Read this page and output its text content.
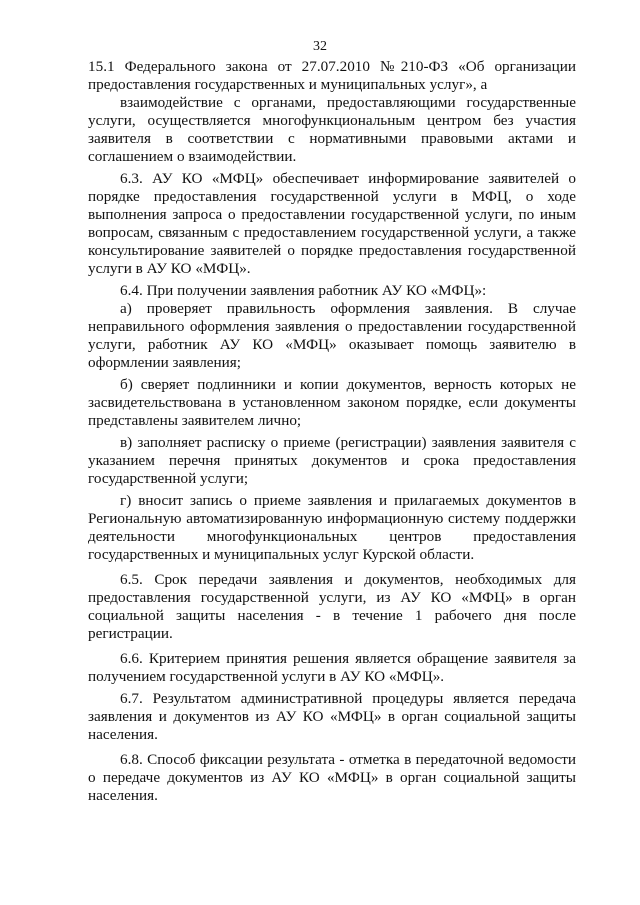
32

15.1 Федерального закона от 27.07.2010 №210-ФЗ «Об организации предоставления государственных и муниципальных услуг», а

взаимодействие с органами, предоставляющими государственные услуги, осуществляется многофункциональным центром без участия заявителя в соответствии с нормативными правовыми актами и соглашением о взаимодействии.

6.3. АУ КО «МФЦ» обеспечивает информирование заявителей о порядке предоставления государственной услуги в МФЦ, о ходе выполнения запроса о предоставлении государственной услуги, по иным вопросам, связанным с предоставлением государственной услуги, а также консультирование заявителей о порядке предоставления государственной услуги в АУ КО «МФЦ».

6.4. При получении заявления работник АУ КО «МФЦ»:

а) проверяет правильность оформления заявления. В случае неправильного оформления заявления о предоставлении государственной услуги, работник АУ КО «МФЦ» оказывает помощь заявителю в оформлении заявления;

б) сверяет подлинники и копии документов, верность которых не засвидетельствована в установленном законом порядке, если документы представлены заявителем лично;

в) заполняет расписку о приеме (регистрации) заявления заявителя с указанием перечня принятых документов и срока предоставления государственной услуги;

г) вносит запись о приеме заявления и прилагаемых документов в Региональную автоматизированную информационную систему поддержки деятельности многофункциональных центров предоставления государственных и муниципальных услуг Курской области.

6.5. Срок передачи заявления и документов, необходимых для предоставления государственной услуги, из АУ КО «МФЦ» в орган социальной защиты населения - в течение 1 рабочего дня после регистрации.

6.6. Критерием принятия решения является обращение заявителя за получением государственной услуги в АУ КО «МФЦ».

6.7. Результатом административной процедуры является передача заявления и документов из АУ КО «МФЦ» в орган социальной защиты населения.

6.8. Способ фиксации результата - отметка в передаточной ведомости о передаче документов из АУ КО «МФЦ» в орган социальной защиты населения.
